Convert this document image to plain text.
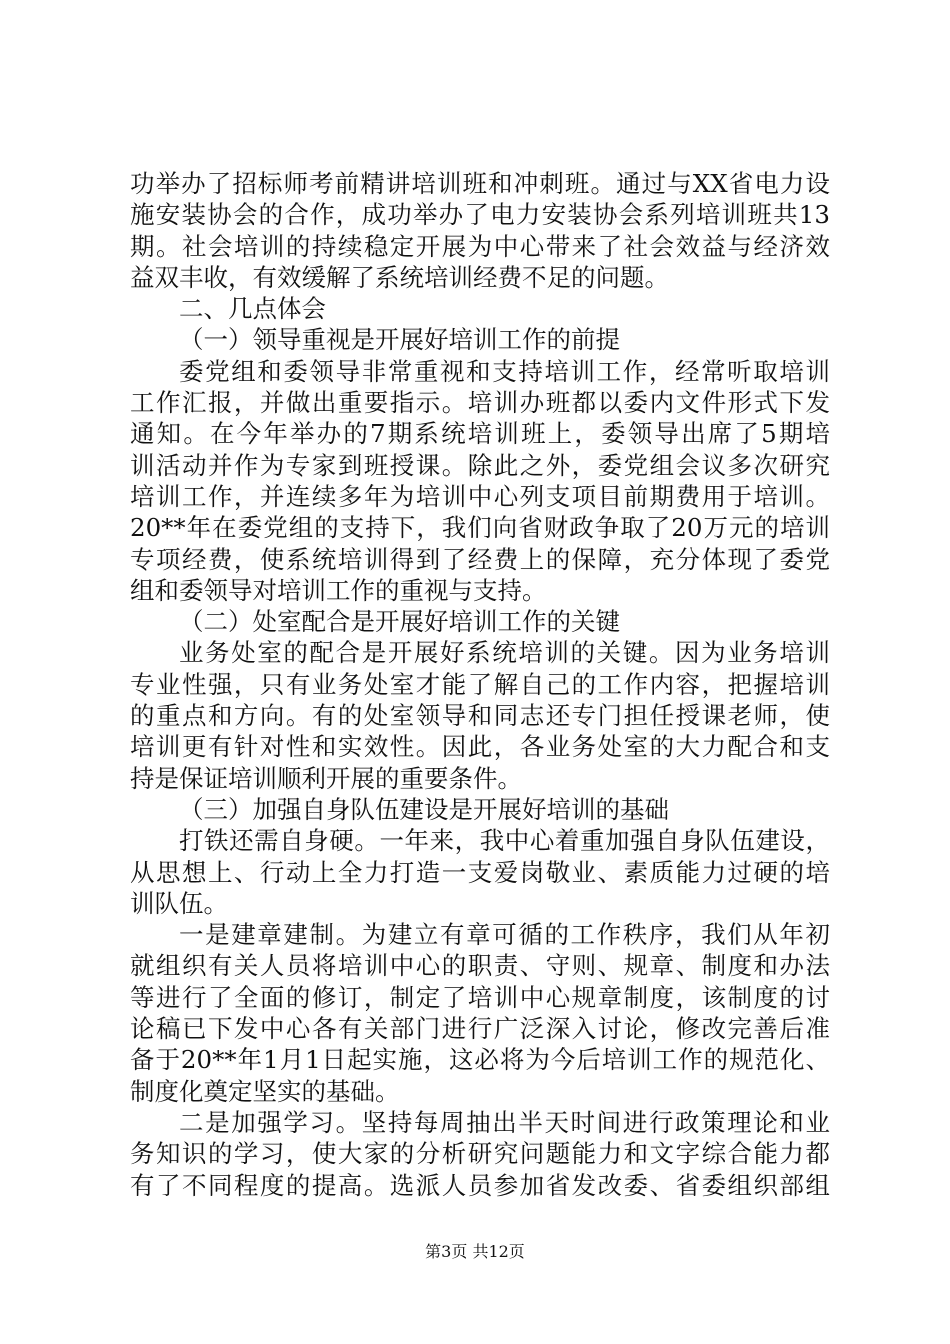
功举办了招标师考前精讲培训班和冲刺班。通过与XX省电力设
施安装协会的合作，成功举办了电力安装协会系列培训班共13
期。社会培训的持续稳定开展为中心带来了社会效益与经济效
益双丰收，有效缓解了系统培训经费不足的问题。
二、几点体会
（一）领导重视是开展好培训工作的前提
委党组和委领导非常重视和支持培训工作，经常听取培训
工作汇报，并做出重要指示。培训办班都以委内文件形式下发
通知。在今年举办的7期系统培训班上，委领导出席了5期培
训活动并作为专家到班授课。除此之外，委党组会议多次研究
培训工作，并连续多年为培训中心列支项目前期费用于培训。
20**年在委党组的支持下，我们向省财政争取了20万元的培训
专项经费，使系统培训得到了经费上的保障，充分体现了委党
组和委领导对培训工作的重视与支持。
（二）处室配合是开展好培训工作的关键
业务处室的配合是开展好系统培训的关键。因为业务培训
专业性强，只有业务处室才能了解自己的工作内容，把握培训
的重点和方向。有的处室领导和同志还专门担任授课老师，使
培训更有针对性和实效性。因此，各业务处室的大力配合和支
持是保证培训顺利开展的重要条件。
（三）加强自身队伍建设是开展好培训的基础
打铁还需自身硬。一年来，我中心着重加强自身队伍建设，
从思想上、行动上全力打造一支爱岗敬业、素质能力过硬的培
训队伍。
一是建章建制。为建立有章可循的工作秩序，我们从年初
就组织有关人员将培训中心的职责、守则、规章、制度和办法
等进行了全面的修订，制定了培训中心规章制度，该制度的讨
论稿已下发中心各有关部门进行广泛深入讨论，修改完善后准
备于20**年1月1日起实施，这必将为今后培训工作的规范化、
制度化奠定坚实的基础。
二是加强学习。坚持每周抽出半天时间进行政策理论和业
务知识的学习，使大家的分析研究问题能力和文字综合能力都
有了不同程度的提高。选派人员参加省发改委、省委组织部组
第3页 共12页
